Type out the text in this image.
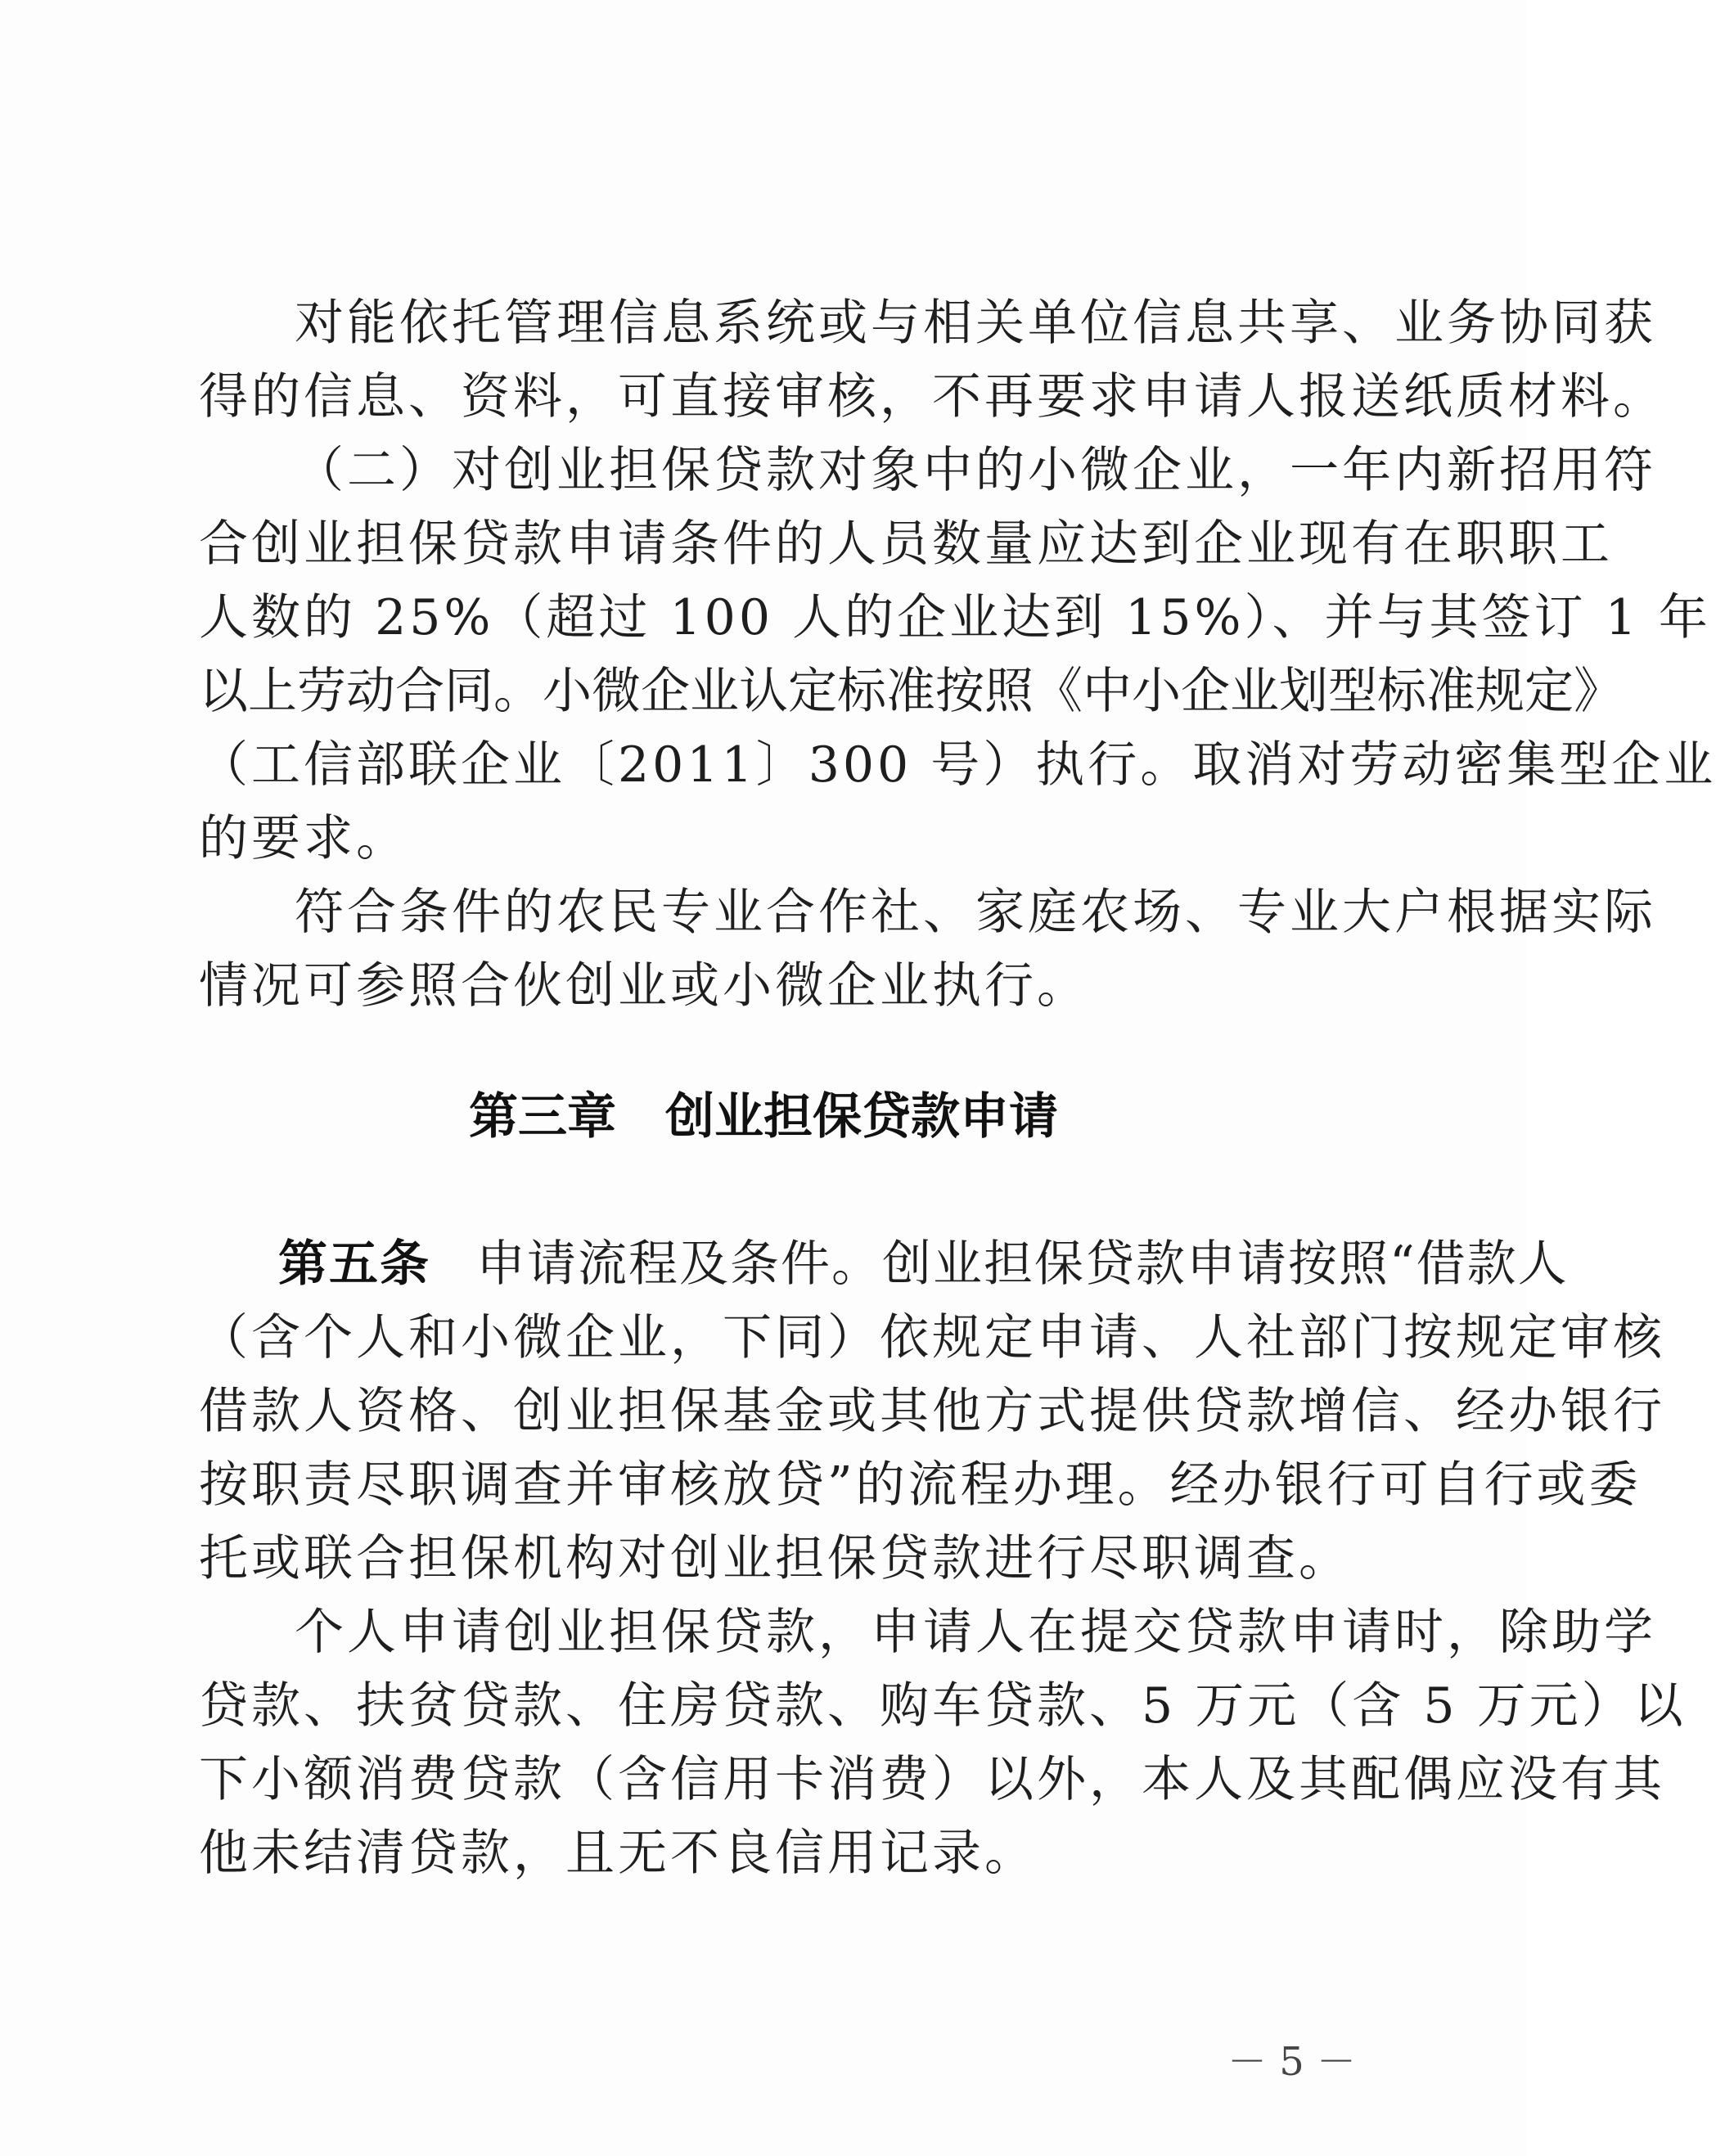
对能依托管理信息系统或与相关单位信息共享、业务协同获
得的信息、资料，可直接审核，不再要求申请人报送纸质材料。
（二）对创业担保贷款对象中的小微企业，一年内新招用符
合创业担保贷款申请条件的人员数量应达到企业现有在职职工
人数的 25%（超过 100 人的企业达到 15%）、并与其签订 1 年
以上劳动合同。小微企业认定标准按照《中小企业划型标准规定》
（工信部联企业〔2011〕300 号）执行。取消对劳动密集型企业
的要求。
符合条件的农民专业合作社、家庭农场、专业大户根据实际
情况可参照合伙创业或小微企业执行。
第三章 创业担保贷款申请
第五条 申请流程及条件。创业担保贷款申请按照“借款人
（含个人和小微企业，下同）依规定申请、人社部门按规定审核
借款人资格、创业担保基金或其他方式提供贷款增信、经办银行
按职责尽职调查并审核放贷”的流程办理。经办银行可自行或委
托或联合担保机构对创业担保贷款进行尽职调查。
个人申请创业担保贷款，申请人在提交贷款申请时，除助学
贷款、扶贫贷款、住房贷款、购车贷款、5 万元（含 5 万元）以
下小额消费贷款（含信用卡消费）以外，本人及其配偶应没有其
他未结清贷款，且无不良信用记录。
－ 5 －
